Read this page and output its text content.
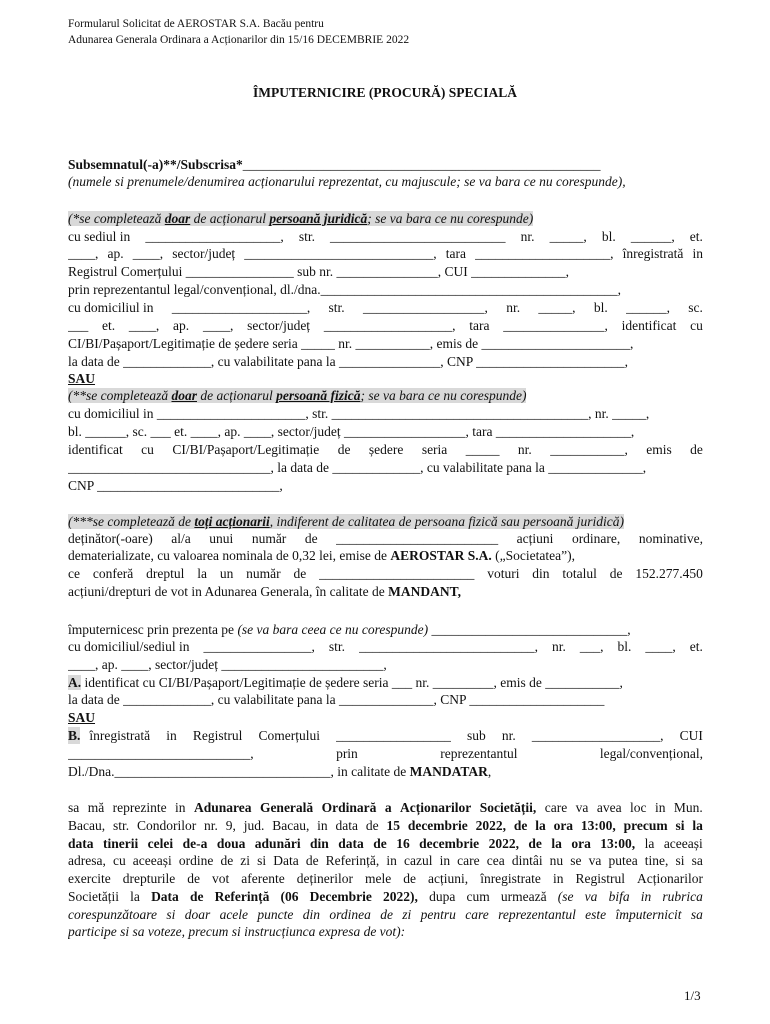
Formularul Solicitat de AEROSTAR S.A. Bacău pentru
Adunarea Generala Ordinara a Acționarilor din 15/16 DECEMBRIE 2022
ÎMPUTERNICIRE (PROCURĂ) SPECIALĂ
Subsemnatul(-a)**/Subscrisa*_____________________________________________________
(numele si prenumele/denumirea acționarului reprezentat, cu majuscule; se va bara ce nu corespunde),
(*se completează doar de acționarul persoană juridică; se va bara ce nu corespunde)
cu sediul in ____________________, str. __________________________ nr. _____, bl. ______, et.
____, ap. ____, sector/județ ____________________________, tara ____________________, înregistrată in
Registrul Comerțului ________________ sub nr. _______________, CUI ______________,
prin reprezentantul legal/convențional, dl./dna.____________________________________________,
cu domiciliul in ____________________, str. __________________, nr. _____, bl. ______, sc.
___ et. ____, ap. ____, sector/județ ___________________, tara _______________, identificat cu
CI/BI/Pașaport/Legitimație de ședere seria _____ nr. ___________, emis de ______________________,
la data de _____________, cu valabilitate pana la _______________, CNP ______________________,
SAU
(**se completează doar de acționarul persoană fizică; se va bara ce nu corespunde)
cu domiciliul in ______________________, str. ______________________________________, nr. _____,
bl. ______, sc. ___ et. ____, ap. ____, sector/județ __________________, tara ____________________,
identificat cu CI/BI/Pașaport/Legitimație de ședere seria _____ nr. ___________, emis de
______________________________, la data de _____________, cu valabilitate pana la ______________,
CNP ___________________________,
(***se completează de toți acționarii, indiferent de calitatea de persoana fizică sau persoană juridică)
deținător(-oare) al/a unui număr de ________________________ acțiuni ordinare, nominative,
dematerializate, cu valoarea nominala de 0,32 lei, emise de AEROSTAR S.A. („Societatea”),
ce conferă dreptul la un număr de _______________________ voturi din totalul de 152.277.450
acțiuni/drepturi de vot in Adunarea Generala, în calitate de MANDANT,
împuternicesc prin prezenta pe (se va bara ceea ce nu corespunde) _____________________________,
cu domiciliul/sediul in ________________, str. __________________________, nr. ___, bl. ____, et.
____, ap. ____, sector/județ ________________________,
A. identificat cu CI/BI/Pașaport/Legitimație de ședere seria ___ nr. _________, emis de ___________,
la data de _____________, cu valabilitate pana la ______________, CNP ____________________
SAU
B. înregistrată in Registrul Comerțului _________________ sub nr. ___________________, CUI
___________________________,	prin	reprezentantul	legal/convențional,
Dl./Dna.________________________________, in calitate de MANDATAR,
sa mă reprezinte in Adunarea Generală Ordinară a Acționarilor Societății, care va avea loc in Mun.
Bacau, str. Condorilor nr. 9, jud. Bacau, in data de 15 decembrie 2022, de la ora 13:00, precum si la
data tinerii celei de-a doua adunări din data de 16 decembrie 2022, de la ora 13:00, la aceeași
adresa, cu aceeași ordine de zi si Data de Referință, in cazul in care cea dintâi nu se va putea tine, si sa
exercite drepturile de vot aferente deținerilor mele de acțiuni, înregistrate in Registrul Acționarilor
Societății la Data de Referință (06 Decembrie 2022), dupa cum urmează (se va bifa in rubrica
corespunzătoare si doar acele puncte din ordinea de zi pentru care reprezentantul este împuternicit sa
participe si sa voteze, precum si instrucțiunca expresa de vot):
1/3
